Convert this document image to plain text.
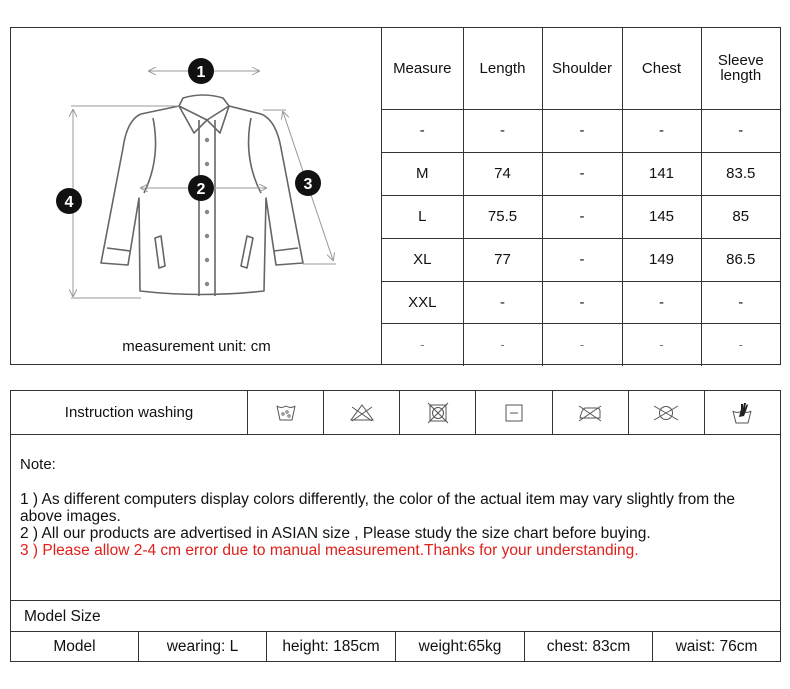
1
2	3
4
measurement unit: cm
Measure	Length	Shoulder	Chest	Sleeve length
-	-	-	-	-
M	74	-	141	83.5
L	75.5	-	145	85
XL	77	-	149	86.5
XXL	-	-	-	-
-	-	-	-	-
Instruction washing
Note:

1 ) As different computers display colors differently, the color of the actual item may vary slightly from the above images.

2 ) All our products are advertised in ASIAN size , Please study the size chart before buying.

3 ) Please allow 2-4 cm error due to manual measurement.Thanks for your understanding.

Model Size
Model	wearing: L	height: 185cm	weight:65kg	chest: 83cm	waist: 76cm
